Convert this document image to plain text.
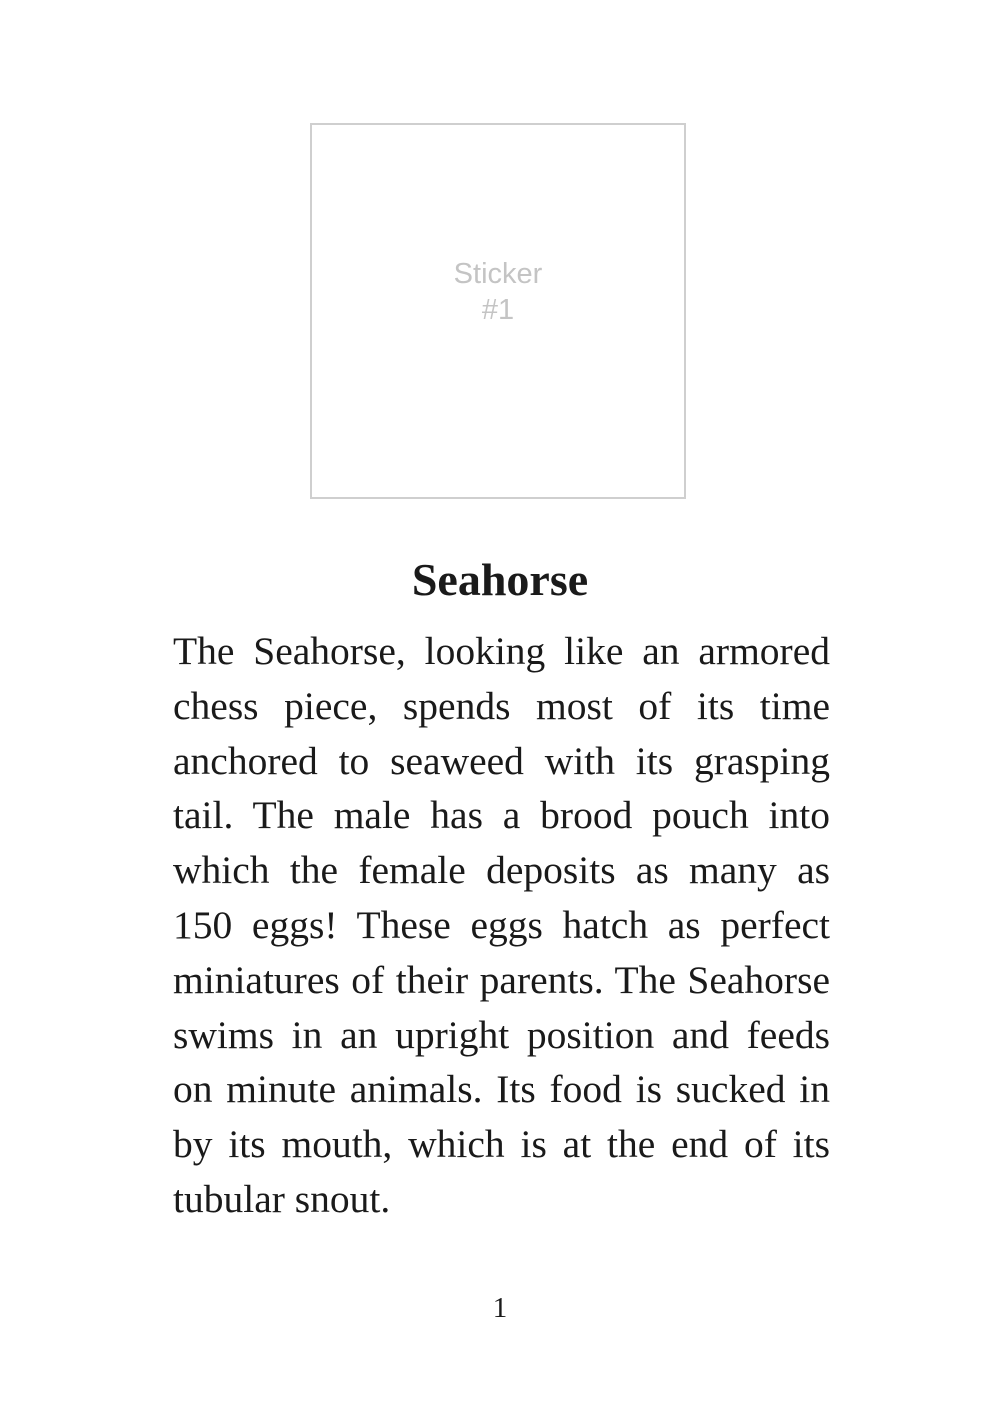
Sticker
#1
Seahorse

The Seahorse, looking like an armored chess piece, spends most of its time anchored to seaweed with its grasping tail. The male has a brood pouch into which the female deposits as many as 150 eggs! These eggs hatch as perfect miniatures of their parents. The Seahorse swims in an upright position and feeds on minute animals. Its food is sucked in by its mouth, which is at the end of its tubular snout.

1
